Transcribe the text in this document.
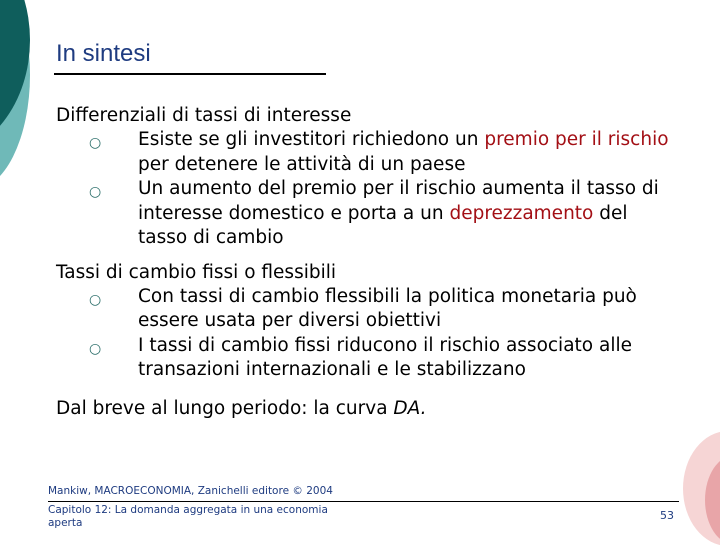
In sintesi

Differenziali di tassi di interesse

○ Esiste se gli investitori richiedono un premio per il rischio per detenere le attività di un paese
○ Un aumento del premio per il rischio aumenta il tasso di interesse domestico e porta a un deprezzamento del tasso di cambio

Tassi di cambio fissi o flessibili

○ Con tassi di cambio flessibili la politica monetaria può essere usata per diversi obiettivi
○ I tassi di cambio fissi riducono il rischio associato alle transazioni internazionali e le stabilizzano

Dal breve al lungo periodo: la curva DA.

Mankiw, MACROECONOMIA, Zanichelli editore © 2004
Capitolo 12: La domanda aggregata in una economia aperta
53
